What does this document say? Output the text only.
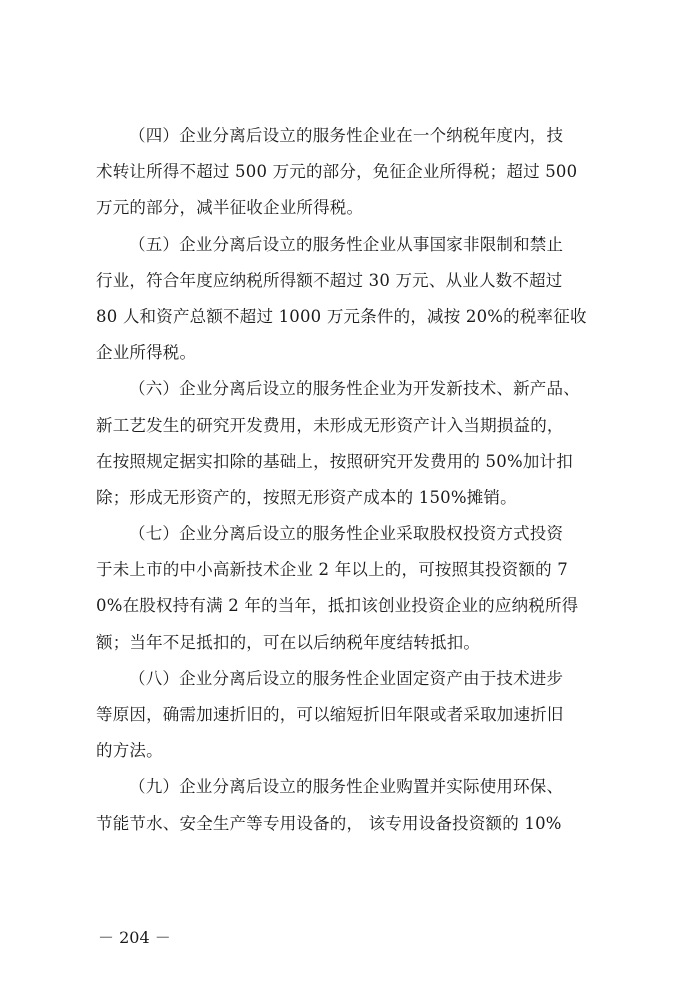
（四）企业分离后设立的服务性企业在一个纳税年度内，技
术转让所得不超过 500 万元的部分，免征企业所得税；超过 500
万元的部分，减半征收企业所得税。
（五）企业分离后设立的服务性企业从事国家非限制和禁止
行业，符合年度应纳税所得额不超过 30 万元、从业人数不超过
80 人和资产总额不超过 1000 万元条件的，减按 20%的税率征收
企业所得税。
（六）企业分离后设立的服务性企业为开发新技术、新产品、
新工艺发生的研究开发费用，未形成无形资产计入当期损益的，
在按照规定据实扣除的基础上，按照研究开发费用的 50%加计扣
除；形成无形资产的，按照无形资产成本的 150%摊销。
（七）企业分离后设立的服务性企业采取股权投资方式投资
于未上市的中小高新技术企业 2 年以上的，可按照其投资额的 7
0%在股权持有满 2 年的当年，抵扣该创业投资企业的应纳税所得
额；当年不足抵扣的，可在以后纳税年度结转抵扣。
（八）企业分离后设立的服务性企业固定资产由于技术进步
等原因，确需加速折旧的，可以缩短折旧年限或者采取加速折旧
的方法。
（九）企业分离后设立的服务性企业购置并实际使用环保、
节能节水、安全生产等专用设备的， 该专用设备投资额的 10%
－ 204 －
